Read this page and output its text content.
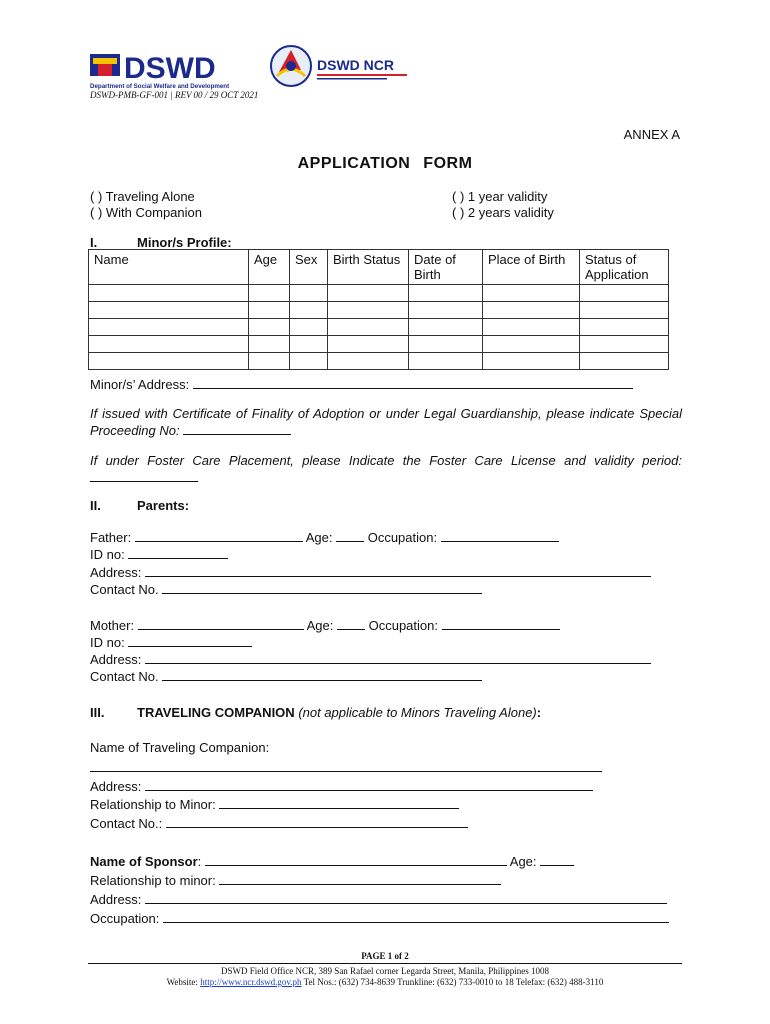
DSWD
Department of Social Welfare and Development
DSWD NCR
DSWD-PMB-GF-001 | REV 00 / 29 OCT 2021
ANNEX A
APPLICATION FORM
( ) Traveling Alone
( ) With Companion
( ) 1 year validity
( ) 2 years validity
I.	Minor/s Profile:
Name	Age	Sex	Birth Status	Date of Birth	Place of Birth	Status of Application

Minor/s’ Address:
If issued with Certificate of Finality of Adoption or under Legal Guardianship, please indicate Special Proceeding No:
If under Foster Care Placement, please Indicate the Foster Care License and validity period:
II.	Parents:
Father:	Age:	Occupation:
ID no:
Address:
Contact No.
Mother:	Age:	Occupation:
ID no:
Address:
Contact No.
III.	TRAVELING COMPANION (not applicable to Minors Traveling Alone):
Name of Traveling Companion:
Address:
Relationship to Minor:
Contact No.:
Name of Sponsor:	Age:
Relationship to minor:
Address:
Occupation:
PAGE 1 of 2
DSWD Field Office NCR, 389 San Rafael corner Legarda Street, Manila, Philippines 1008
Website: http://www.ncr.dswd.gov.ph Tel Nos.: (632) 734-8639 Trunkline: (632) 733-0010 to 18 Telefax: (632) 488-3110
